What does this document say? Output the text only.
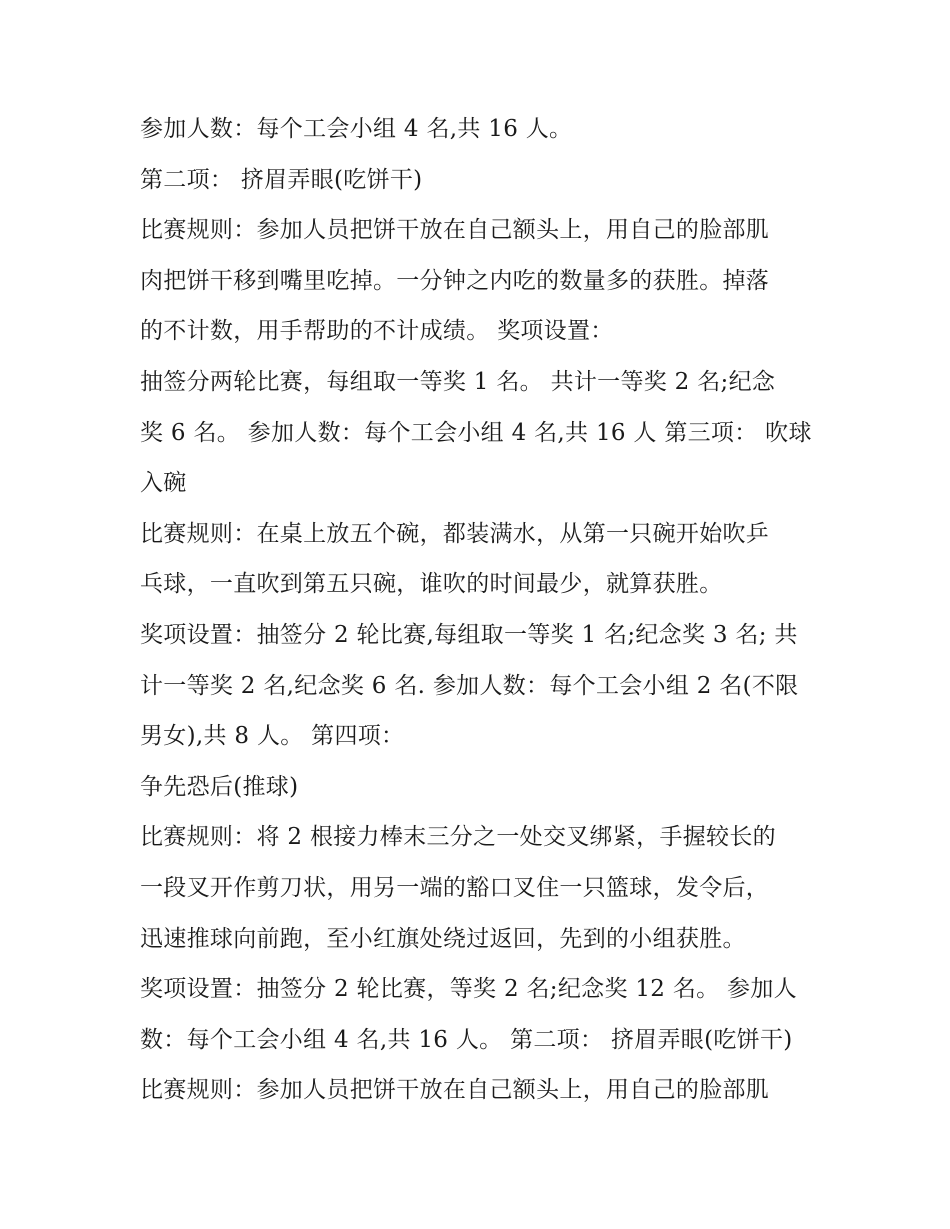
参加人数：每个工会小组 4 名,共 16 人。
第二项： 挤眉弄眼(吃饼干)
比赛规则：参加人员把饼干放在自己额头上，用自己的脸部肌
肉把饼干移到嘴里吃掉。一分钟之内吃的数量多的获胜。掉落
的不计数，用手帮助的不计成绩。 奖项设置：
抽签分两轮比赛，每组取一等奖 1 名。 共计一等奖 2 名;纪念
奖 6 名。 参加人数：每个工会小组 4 名,共 16 人 第三项： 吹球
入碗
比赛规则：在桌上放五个碗，都装满水，从第一只碗开始吹乒
乓球，一直吹到第五只碗，谁吹的时间最少，就算获胜。
奖项设置：抽签分 2 轮比赛,每组取一等奖 1 名;纪念奖 3 名; 共
计一等奖 2 名,纪念奖 6 名. 参加人数：每个工会小组 2 名(不限
男女),共 8 人。 第四项：
争先恐后(推球)
比赛规则：将 2 根接力棒末三分之一处交叉绑紧，手握较长的
一段叉开作剪刀状，用另一端的豁口叉住一只篮球，发令后，
迅速推球向前跑，至小红旗处绕过返回，先到的小组获胜。
奖项设置：抽签分 2 轮比赛，等奖 2 名;纪念奖 12 名。 参加人
数：每个工会小组 4 名,共 16 人。 第二项： 挤眉弄眼(吃饼干)
比赛规则：参加人员把饼干放在自己额头上，用自己的脸部肌
